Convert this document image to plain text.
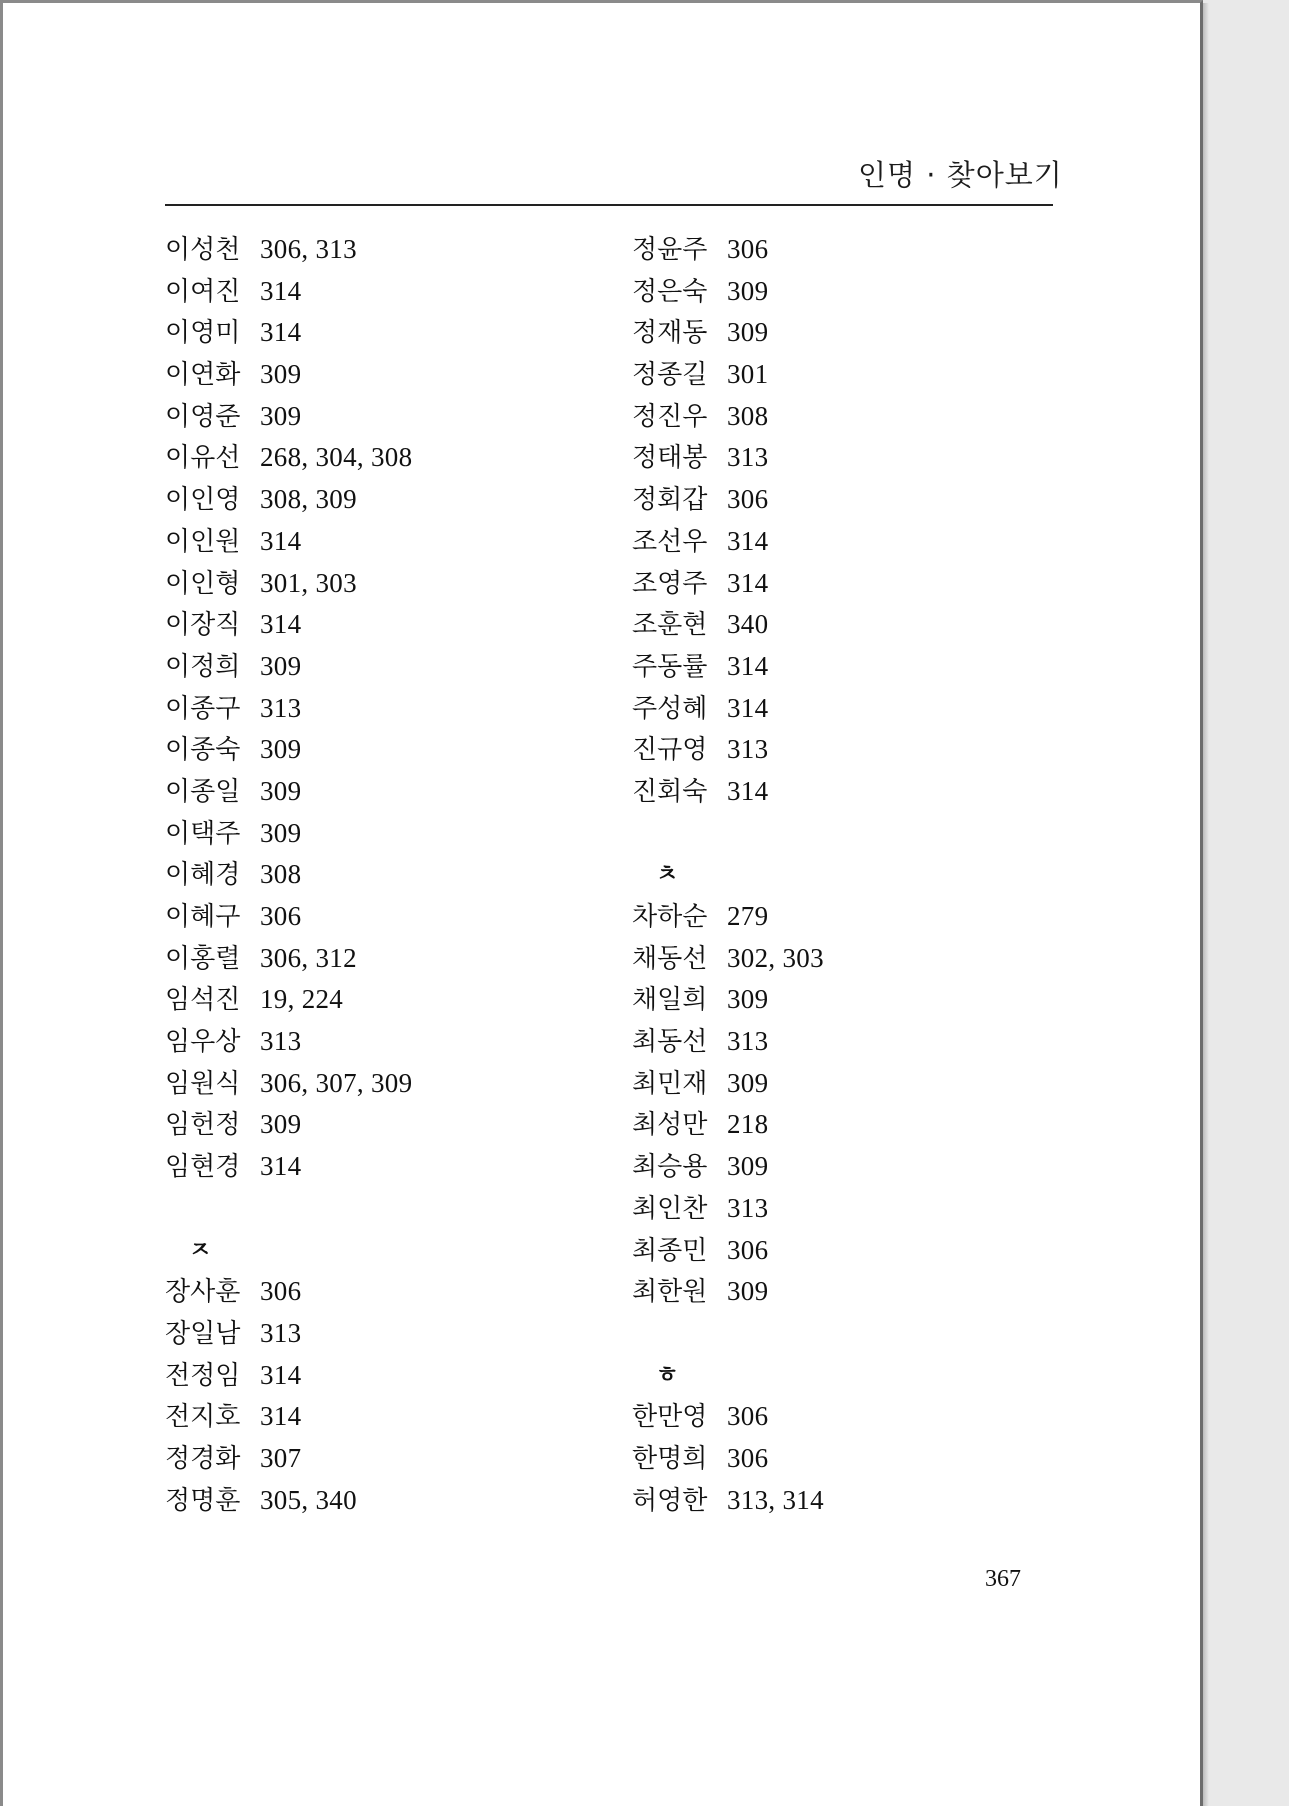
인명 · 찾아보기
이성천 306, 313
이여진 314
이영미 314
이연화 309
이영준 309
이유선 268, 304, 308
이인영 308, 309
이인원 314
이인형 301, 303
이장직 314
이정희 309
이종구 313
이종숙 309
이종일 309
이택주 309
이혜경 308
이혜구 306
이홍렬 306, 312
임석진 19, 224
임우상 313
임원식 306, 307, 309
임헌정 309
임현경 314
ㅈ
장사훈 306
장일남 313
전정임 314
전지호 314
정경화 307
정명훈 305, 340
정윤주 306
정은숙 309
정재동 309
정종길 301
정진우 308
정태봉 313
정회갑 306
조선우 314
조영주 314
조훈현 340
주동률 314
주성혜 314
진규영 313
진회숙 314
ㅊ
차하순 279
채동선 302, 303
채일희 309
최동선 313
최민재 309
최성만 218
최승용 309
최인찬 313
최종민 306
최한원 309
ㅎ
한만영 306
한명희 306
허영한 313, 314
367
